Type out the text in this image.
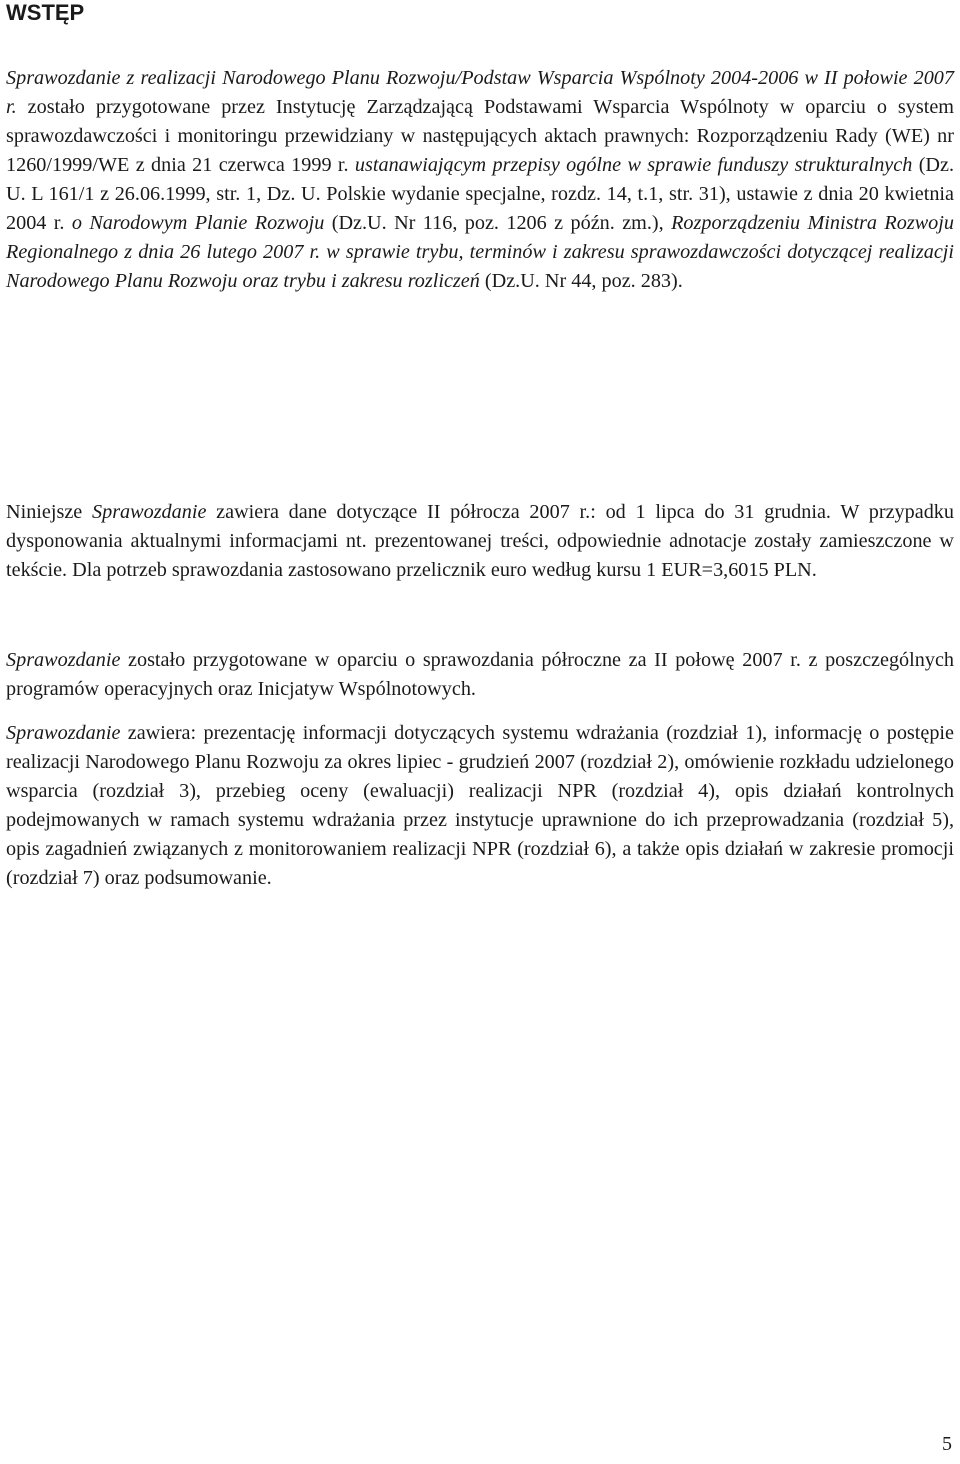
WSTĘP

Sprawozdanie z realizacji Narodowego Planu Rozwoju/Podstaw Wsparcia Wspólnoty 2004-2006 w II połowie 2007 r. zostało przygotowane przez Instytucję Zarządzającą Podstawami Wsparcia Wspólnoty w oparciu o system sprawozdawczości i monitoringu przewidziany w następujących aktach prawnych: Rozporządzeniu Rady (WE) nr 1260/1999/WE z dnia 21 czerwca 1999 r. ustanawiającym przepisy ogólne w sprawie funduszy strukturalnych (Dz. U. L 161/1 z 26.06.1999, str. 1, Dz. U. Polskie wydanie specjalne, rozdz. 14, t.1, str. 31), ustawie z dnia 20 kwietnia 2004 r. o Narodowym Planie Rozwoju (Dz.U. Nr 116, poz. 1206 z późn. zm.), Rozporządzeniu Ministra Rozwoju Regionalnego z dnia 26 lutego 2007 r. w sprawie trybu, terminów i zakresu sprawozdawczości dotyczącej realizacji Narodowego Planu Rozwoju oraz trybu i zakresu rozliczeń (Dz.U. Nr 44, poz. 283).

Niniejsze Sprawozdanie zawiera dane dotyczące II półrocza 2007 r.: od 1 lipca do 31 grudnia. W przypadku dysponowania aktualnymi informacjami nt. prezentowanej treści, odpowiednie adnotacje zostały zamieszczone w tekście. Dla potrzeb sprawozdania zastosowano przelicznik euro według kursu 1 EUR=3,6015 PLN.

Sprawozdanie zostało przygotowane w oparciu o sprawozdania półroczne za II połowę 2007 r. z poszczególnych programów operacyjnych oraz Inicjatyw Wspólnotowych.

Sprawozdanie zawiera: prezentację informacji dotyczących systemu wdrażania (rozdział 1), informację o postępie realizacji Narodowego Planu Rozwoju za okres lipiec - grudzień 2007 (rozdział 2), omówienie rozkładu udzielonego wsparcia (rozdział 3), przebieg oceny (ewaluacji) realizacji NPR (rozdział 4), opis działań kontrolnych podejmowanych w ramach systemu wdrażania przez instytucje uprawnione do ich przeprowadzania (rozdział 5), opis zagadnień związanych z monitorowaniem realizacji NPR (rozdział 6), a także opis działań w zakresie promocji (rozdział 7) oraz podsumowanie.

5
